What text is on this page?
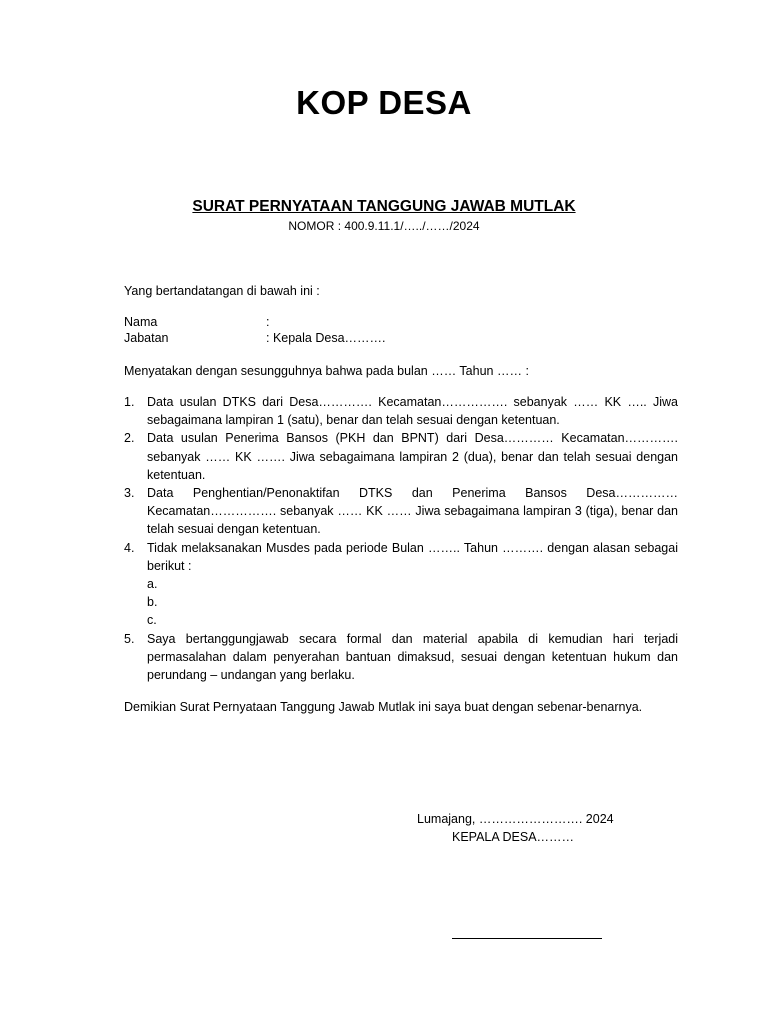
KOP DESA
SURAT PERNYATAAN TANGGUNG JAWAB MUTLAK
NOMOR : 400.9.11.1/…../……/2024
Yang bertandatangan di bawah ini :
Nama	:
Jabatan	: Kepala Desa……….
Menyatakan dengan sesungguhnya bahwa pada bulan …… Tahun …… :
1. Data usulan DTKS dari Desa…………. Kecamatan……………. sebanyak …… KK ….. Jiwa sebagaimana lampiran 1 (satu), benar dan telah sesuai dengan ketentuan.
2. Data usulan Penerima Bansos (PKH dan BPNT) dari Desa………… Kecamatan…………. sebanyak …… KK ……. Jiwa sebagaimana lampiran 2 (dua), benar dan telah sesuai dengan ketentuan.
3. Data Penghentian/Penonaktifan DTKS dan Penerima Bansos Desa…………… Kecamatan……………. sebanyak …… KK …… Jiwa sebagaimana lampiran 3 (tiga), benar dan telah sesuai dengan ketentuan.
4. Tidak melaksanakan Musdes pada periode Bulan …….. Tahun ………. dengan alasan sebagai berikut :
a.
b.
c.
5. Saya bertanggungjawab secara formal dan material apabila di kemudian hari terjadi permasalahan dalam penyerahan bantuan dimaksud, sesuai dengan ketentuan hukum dan perundang – undangan yang berlaku.
Demikian Surat Pernyataan Tanggung Jawab Mutlak ini saya buat dengan sebenar-benarnya.
Lumajang, ……………………. 2024
KEPALA DESA………
